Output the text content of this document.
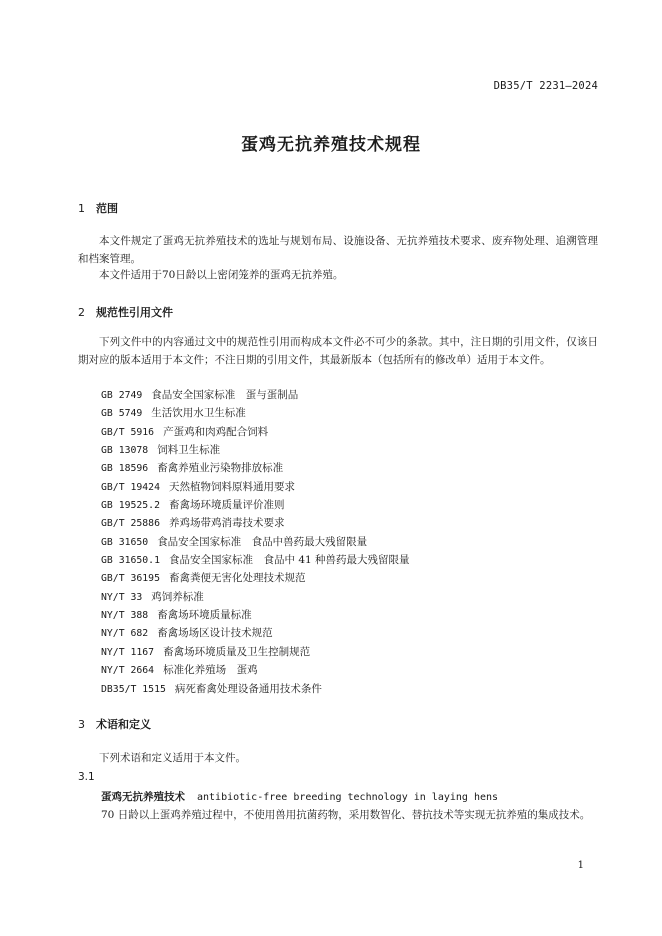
DB35/T 2231—2024
蛋鸡无抗养殖技术规程
1 范围
本文件规定了蛋鸡无抗养殖技术的选址与规划布局、设施设备、无抗养殖技术要求、废弃物处理、追溯管理和档案管理。
本文件适用于70日龄以上密闭笼养的蛋鸡无抗养殖。
2 规范性引用文件
下列文件中的内容通过文中的规范性引用而构成本文件必不可少的条款。其中，注日期的引用文件，仅该日期对应的版本适用于本文件；不注日期的引用文件，其最新版本（包括所有的修改单）适用于本文件。
GB 2749 食品安全国家标准　蛋与蛋制品
GB 5749 生活饮用水卫生标准
GB/T 5916 产蛋鸡和肉鸡配合饲料
GB 13078 饲料卫生标准
GB 18596 畜禽养殖业污染物排放标准
GB/T 19424 天然植物饲料原料通用要求
GB 19525.2 畜禽场环境质量评价准则
GB/T 25886 养鸡场带鸡消毒技术要求
GB 31650 食品安全国家标准　食品中兽药最大残留限量
GB 31650.1 食品安全国家标准　食品中 41 种兽药最大残留限量
GB/T 36195 畜禽粪便无害化处理技术规范
NY/T 33 鸡饲养标准
NY/T 388 畜禽场环境质量标准
NY/T 682 畜禽场场区设计技术规范
NY/T 1167 畜禽场环境质量及卫生控制规范
NY/T 2664 标准化养殖场　蛋鸡
DB35/T 1515 病死畜禽处理设备通用技术条件
3 术语和定义
下列术语和定义适用于本文件。
3.1
蛋鸡无抗养殖技术 antibiotic-free breeding technology in laying hens
70 日龄以上蛋鸡养殖过程中，不使用兽用抗菌药物，采用数智化、替抗技术等实现无抗养殖的集成技术。
1
